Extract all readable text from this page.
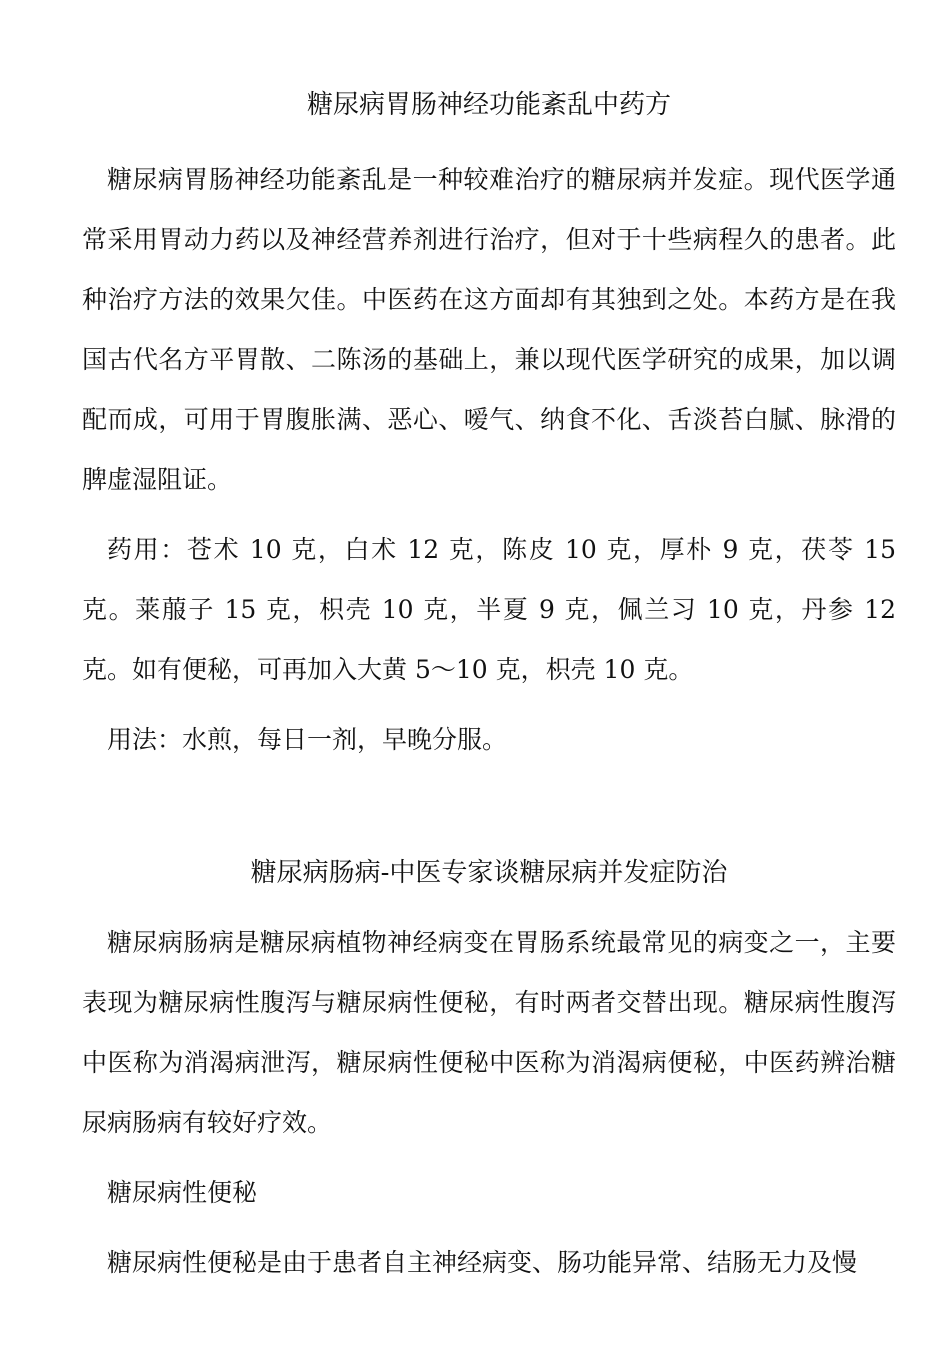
糖尿病胃肠神经功能紊乱中药方

糖尿病胃肠神经功能紊乱是一种较难治疗的糖尿病并发症。现代医学通常采用胃动力药以及神经营养剂进行治疗，但对于十些病程久的患者。此种治疗方法的效果欠佳。中医药在这方面却有其独到之处。本药方是在我国古代名方平胃散、二陈汤的基础上，兼以现代医学研究的成果，加以调配而成，可用于胃腹胀满、恶心、嗳气、纳食不化、舌淡苔白腻、脉滑的脾虚湿阻证。

药用：苍术 10 克，白术 12 克，陈皮 10 克，厚朴 9 克，茯苓 15 克。莱菔子 15 克，枳壳 10 克，半夏 9 克，佩兰习 10 克，丹参 12 克。如有便秘，可再加入大黄 5～10 克，枳壳 10 克。

用法：水煎，每日一剂，早晚分服。

糖尿病肠病-中医专家谈糖尿病并发症防治

糖尿病肠病是糖尿病植物神经病变在胃肠系统最常见的病变之一，主要表现为糖尿病性腹泻与糖尿病性便秘，有时两者交替出现。糖尿病性腹泻中医称为消渴病泄泻，糖尿病性便秘中医称为消渴病便秘，中医药辨治糖尿病肠病有较好疗效。

糖尿病性便秘

糖尿病性便秘是由于患者自主神经病变、肠功能异常、结肠无力及慢
